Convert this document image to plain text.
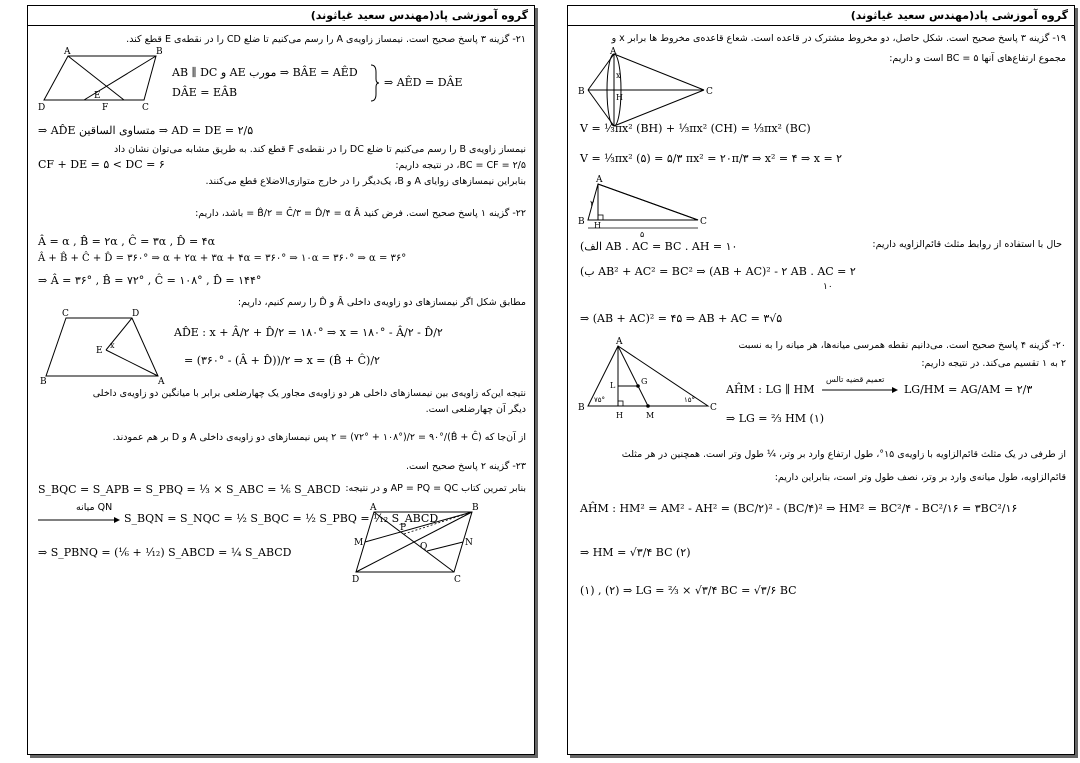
گروه آموزشی پاد(مهندس سعید غیاثوند)
۱۹- گزینه ۳ پاسخ صحیح است. شکل حاصل، دو مخروط مشترک در قاعده است. شعاع قاعده‌ی مخروط ها برابر x و
مجموع ارتفاع‌های آنها ۵ = BC است و داریم:
A
B	C
H
x
V = ⅓πx² (BH) + ⅓πx² (CH) = ⅓πx² (BC)
V = ⅓πx² (۵) = ۵/۳ πx² = ۲۰π/۳ ⇒ x² = ۴ ⇒ x = ۲
A
B H	C
۲
۵
حال با استفاده از روابط مثلث قائم‌الزاویه داریم:
(الف AB . AC = BC . AH = ۱۰
(ب AB² + AC² = BC² ⇒ (AB + AC)² - ۲ AB . AC = ۲
۱۰
⇒ (AB + AC)² = ۴۵ ⇒ AB + AC = ۳√۵
۲۰- گزینه ۴ پاسخ صحیح است. می‌دانیم نقطه همرسی میانه‌ها، هر میانه را به نسبت
۲ به ۱ تقسیم می‌کند. در نتیجه داریم:
A
B	C
L	G
H	M
۷۵°	۱۵°
تعمیم قضیه تالس
AĤM : LG ∥ HM	LG/HM = AG/AM = ۲/۳
⇒ LG = ⅔ HM (۱)
از طرفی در یک مثلث قائم‌الزاویه با زاویه‌ی ۱۵°، طول ارتفاع وارد بر وتر، ¼ طول وتر است. همچنین در هر مثلث
قائم‌الزاویه، طول میانه‌ی وارد بر وتر، نصف طول وتر است، بنابراین داریم:
AĤM : HM² = AM² - AH² = (BC/۲)² - (BC/۴)² ⇒ HM² = BC²/۴ - BC²/۱۶ = ۳BC²/۱۶
⇒ HM = √۳/۴ BC (۲)
(۱) , (۲) ⇒ LG = ⅔ × √۳/۴ BC = √۳/۶ BC
گروه آموزشی پاد(مهندس سعید غیاثوند)
۲۱- گزینه ۳ پاسخ صحیح است. نیمساز زاویه‌ی A را رسم می‌کنیم تا ضلع CD را در نقطه‌ی E قطع کند.
A	B
C
D
E
F
AB ∥ DC و AE مورب ⇒ BÂE = AÊD
DÂE = EÂB
⇒ AÊD = DÂE
⇒ AD̂E متساوی الساقین ⇒ AD = DE = ۲/۵
نیمساز زاویه‌ی B را رسم می‌کنیم تا ضلع DC را در نقطه‌ی F قطع کند. به طریق مشابه می‌توان نشان داد
BC = CF = ۲/۵، در نتیجه داریم:
CF + DE = ۵ < DC = ۶
بنابراین نیمسازهای زوایای A و B، یک‌دیگر را در خارج متوازی‌الاضلاع قطع می‌کنند.
۲۲- گزینه ۱ پاسخ صحیح است. فرض کنید B̂/۲ = Ĉ/۳ = D̂/۴ = α Â = باشد، داریم:
Â = α , B̂ = ۲α , Ĉ = ۳α , D̂ = ۴α
Â + B̂ + Ĉ + D̂ = ۳۶۰° ⇒ α + ۲α + ۳α + ۴α = ۳۶۰° ⇒ ۱۰α = ۳۶۰° ⇒ α = ۳۶°
⇒ Â = ۳۶° , B̂ = ۷۲° , Ĉ = ۱۰۸° , D̂ = ۱۴۴°
مطابق شکل اگر نیمسازهای دو زاویه‌ی داخلی Â و D̂ را رسم کنیم، داریم:
C	D
B	A
E
x
AD̂E : x + Â/۲ + D̂/۲ = ۱۸۰° ⇒ x = ۱۸۰° - Â/۲ - D̂/۲
= (۳۶۰° - (Â + D̂))/۲ ⇒ x = (B̂ + Ĉ)/۲
نتیجه این‌که زاویه‌ی بین نیمسازهای داخلی هر دو زاویه‌ی مجاور یک چهارضلعی برابر با میانگین دو زاویه‌ی داخلی
دیگر آن چهارضلعی است.
از آن‌جا که (B̂ + Ĉ)/۲ = (۷۲° + ۱۰۸°)/۲ = ۹۰° پس نیمسازهای دو زاویه‌ی داخلی A و D بر هم عمودند.
۲۳- گزینه ۲ پاسخ صحیح است.
بنابر تمرین کتاب AP = PQ = QC و در نتیجه:
S_BQC = S_APB = S_PBQ = ⅓ × S_ABC = ⅙ S_ABCD
QN میانه
S_BQN = S_NQC = ½ S_BQC = ½ S_PBQ = ¹⁄₁₂ S_ABCD
⇒ S_PBNQ = (⅙ + ¹⁄₁₂) S_ABCD = ¼ S_ABCD
A	B
C
D
M	N
P
Q
